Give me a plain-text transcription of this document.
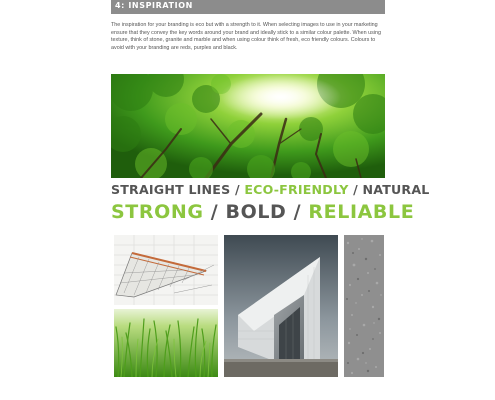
4: INSPIRATION

The inspiration for your branding is eco but with a strength to it. When selecting images to use in your marketing ensure that they convey the key words around your brand and ideally stick to a similar colour palette. When using texture, think of stone, granite and marble and when using colour think of fresh, eco friendly colours. Colours to avoid with your branding are reds, purples and black.

STRAIGHT LINES / ECO-FRIENDLY / NATURAL
STRONG / BOLD / RELIABLE
